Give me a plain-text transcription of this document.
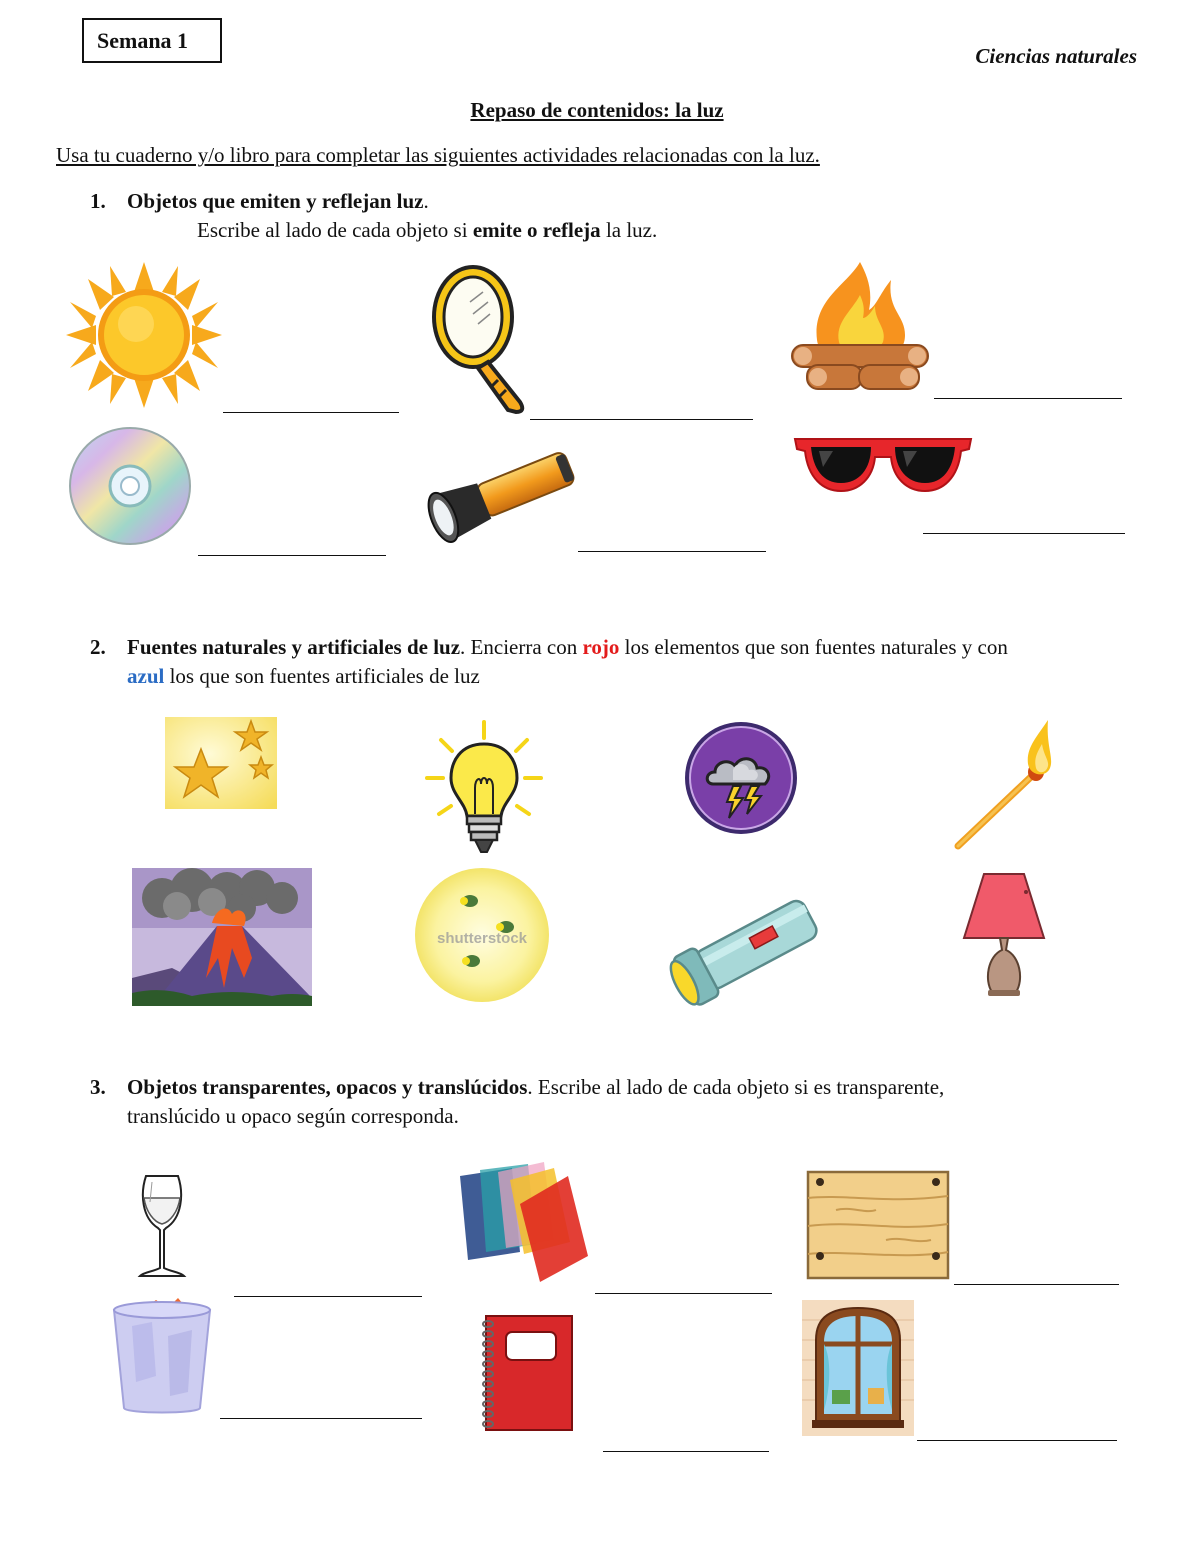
Semana 1
Ciencias naturales
Repaso de contenidos: la luz
Usa tu cuaderno y/o libro para completar las siguientes actividades relacionadas con la luz.
1. Objetos que emiten y reflejan luz.
Escribe al lado de cada objeto si emite o refleja la luz.
2. Fuentes naturales y artificiales de luz. Encierra con rojo los elementos que son fuentes naturales y con
azul los que son fuentes artificiales de luz
shutterstock
3. Objetos transparentes, opacos y translúcidos. Escribe al lado de cada objeto si es transparente,
translúcido u opaco según corresponda.
